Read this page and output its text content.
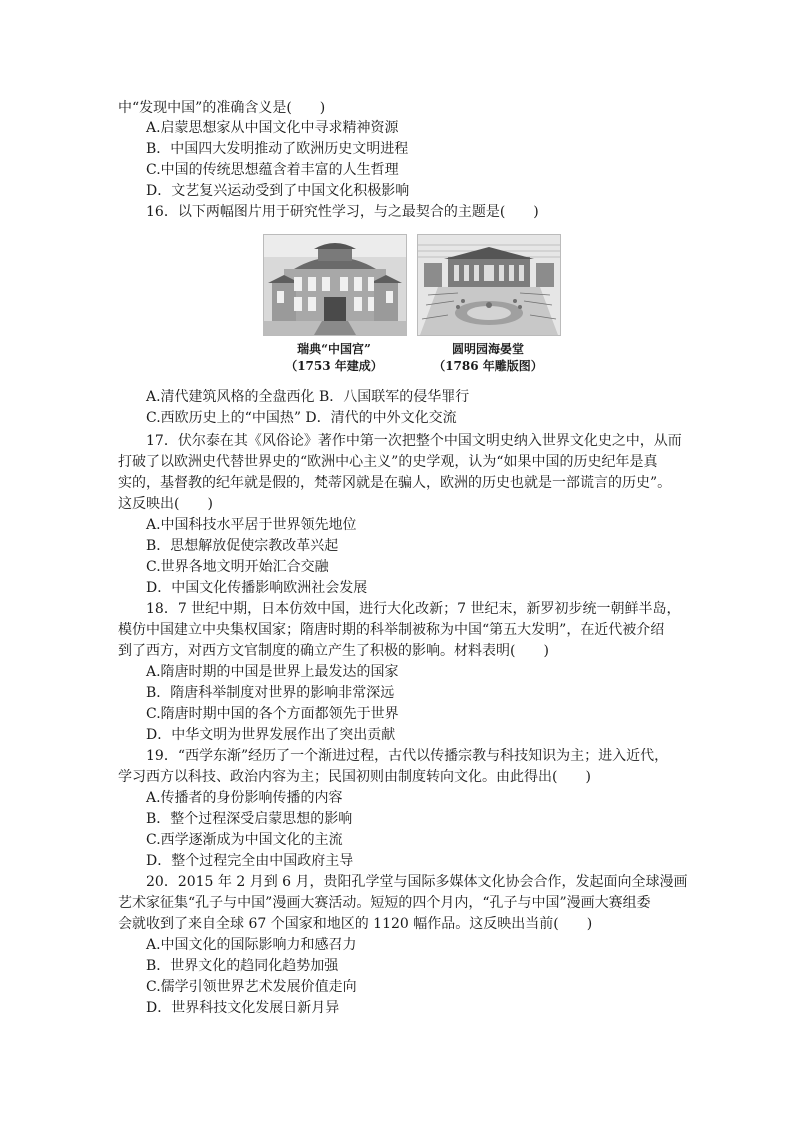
中“发现中国”的准确含义是(　　)
A.启蒙思想家从中国文化中寻求精神资源
B．中国四大发明推动了欧洲历史文明进程
C.中国的传统思想蕴含着丰富的人生哲理
D．文艺复兴运动受到了中国文化积极影响
16．以下两幅图片用于研究性学习，与之最契合的主题是(　　)
瑞典“中国宫”
（1753 年建成）
圆明园海晏堂
（1786 年雕版图）
A.清代建筑风格的全盘西化 B．八国联军的侵华罪行
C.西欧历史上的“中国热” D．清代的中外文化交流
17．伏尔泰在其《风俗论》著作中第一次把整个中国文明史纳入世界文化史之中，从而
打破了以欧洲史代替世界史的“欧洲中心主义”的史学观，认为“如果中国的历史纪年是真
实的，基督教的纪年就是假的，梵蒂冈就是在骗人，欧洲的历史也就是一部谎言的历史”。
这反映出(　　)
A.中国科技水平居于世界领先地位
B．思想解放促使宗教改革兴起
C.世界各地文明开始汇合交融
D．中国文化传播影响欧洲社会发展
18．7 世纪中期，日本仿效中国，进行大化改新；7 世纪末，新罗初步统一朝鲜半岛，
模仿中国建立中央集权国家；隋唐时期的科举制被称为中国“第五大发明”，在近代被介绍
到了西方，对西方文官制度的确立产生了积极的影响。材料表明(　　)
A.隋唐时期的中国是世界上最发达的国家
B．隋唐科举制度对世界的影响非常深远
C.隋唐时期中国的各个方面都领先于世界
D．中华文明为世界发展作出了突出贡献
19．“西学东渐”经历了一个渐进过程，古代以传播宗教与科技知识为主；进入近代，
学习西方以科技、政治内容为主；民国初则由制度转向文化。由此得出(　　)
A.传播者的身份影响传播的内容
B．整个过程深受启蒙思想的影响
C.西学逐渐成为中国文化的主流
D．整个过程完全由中国政府主导
20．2015 年 2 月到 6 月，贵阳孔学堂与国际多媒体文化协会合作，发起面向全球漫画
艺术家征集“孔子与中国”漫画大赛活动。短短的四个月内，“孔子与中国”漫画大赛组委
会就收到了来自全球 67 个国家和地区的 1120 幅作品。这反映出当前(　　)
A.中国文化的国际影响力和感召力
B．世界文化的趋同化趋势加强
C.儒学引领世界艺术发展价值走向
D．世界科技文化发展日新月异
